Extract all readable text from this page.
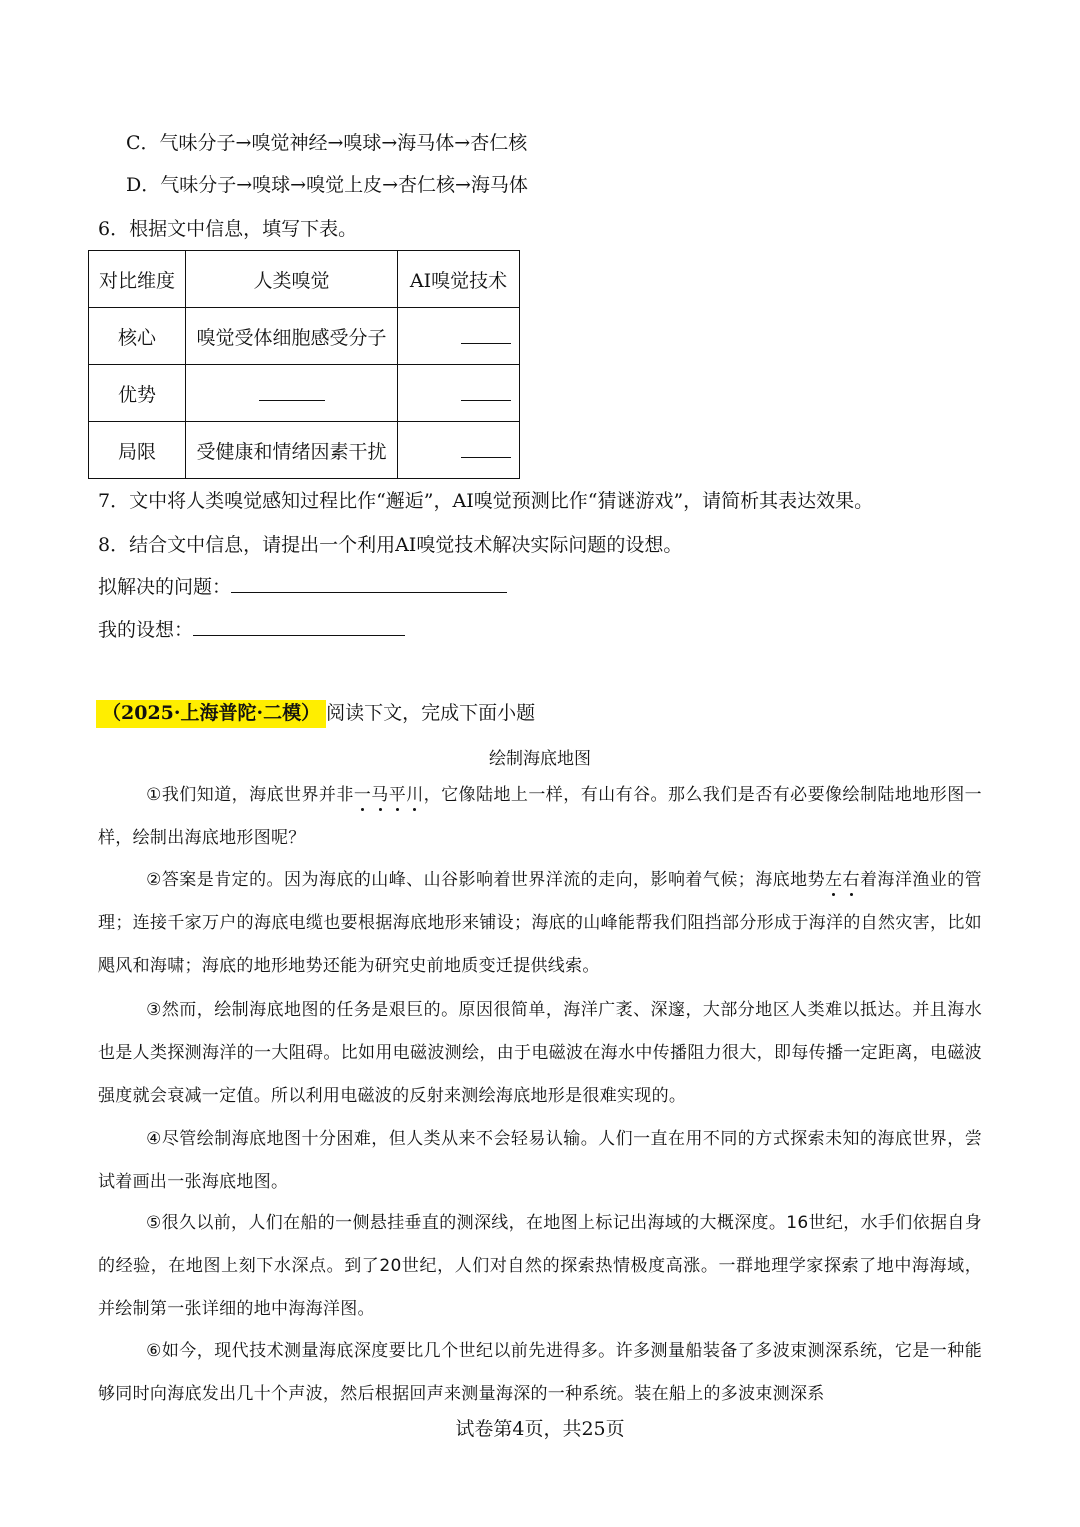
C．气味分子→嗅觉神经→嗅球→海马体→杏仁核
D．气味分子→嗅球→嗅觉上皮→杏仁核→海马体
6．根据文中信息，填写下表。
对比维度	人类嗅觉	AI嗅觉技术
核心	嗅觉受体细胞感受分子	
优势		
局限	受健康和情绪因素干扰	
7．文中将人类嗅觉感知过程比作“邂逅”，AI嗅觉预测比作“猜谜游戏”，请简析其表达效果。
8．结合文中信息，请提出一个利用AI嗅觉技术解决实际问题的设想。
拟解决的问题：
我的设想：
（2025·上海普陀·二模） 阅读下文，完成下面小题
绘制海底地图
①我们知道，海底世界并非一马平川，它像陆地上一样，有山有谷。那么我们是否有必要像绘制陆地地形图一样，绘制出海底地形图呢？
②答案是肯定的。因为海底的山峰、山谷影响着世界洋流的走向，影响着气候；海底地势左右着海洋渔业的管理；连接千家万户的海底电缆也要根据海底地形来铺设；海底的山峰能帮我们阻挡部分形成于海洋的自然灾害，比如飓风和海啸；海底的地形地势还能为研究史前地质变迁提供线索。
③然而，绘制海底地图的任务是艰巨的。原因很简单，海洋广袤、深邃，大部分地区人类难以抵达。并且海水也是人类探测海洋的一大阻碍。比如用电磁波测绘，由于电磁波在海水中传播阻力很大，即每传播一定距离，电磁波强度就会衰减一定值。所以利用电磁波的反射来测绘海底地形是很难实现的。
④尽管绘制海底地图十分困难，但人类从来不会轻易认输。人们一直在用不同的方式探索未知的海底世界，尝试着画出一张海底地图。
⑤很久以前，人们在船的一侧悬挂垂直的测深线，在地图上标记出海域的大概深度。16世纪，水手们依据自身的经验，在地图上刻下水深点。到了20世纪，人们对自然的探索热情极度高涨。一群地理学家探索了地中海海域，并绘制第一张详细的地中海海洋图。
⑥如今，现代技术测量海底深度要比几个世纪以前先进得多。许多测量船装备了多波束测深系统，它是一种能够同时向海底发出几十个声波，然后根据回声来测量海深的一种系统。装在船上的多波束测深系
试卷第4页，共25页
